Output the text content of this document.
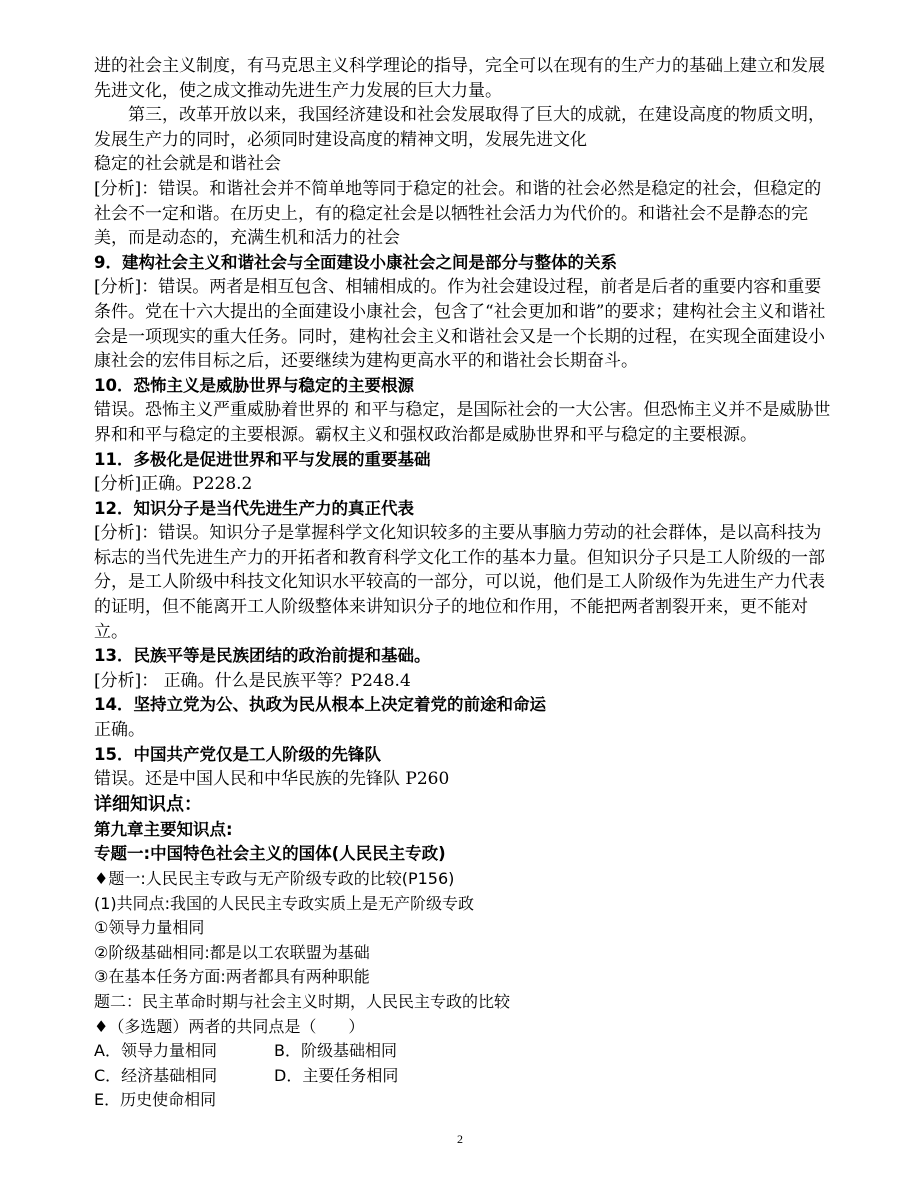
进的社会主义制度，有马克思主义科学理论的指导，完全可以在现有的生产力的基础上建立和发展先进文化，使之成文推动先进生产力发展的巨大力量。

第三，改革开放以来，我国经济建设和社会发展取得了巨大的成就，在建设高度的物质文明，发展生产力的同时，必须同时建设高度的精神文明，发展先进文化

稳定的社会就是和谐社会

[分析]：错误。和谐社会并不简单地等同于稳定的社会。和谐的社会必然是稳定的社会，但稳定的社会不一定和谐。在历史上，有的稳定社会是以牺牲社会活力为代价的。和谐社会不是静态的完美，而是动态的，充满生机和活力的社会

9．建构社会主义和谐社会与全面建设小康社会之间是部分与整体的关系

[分析]：错误。两者是相互包含、相辅相成的。作为社会建设过程，前者是后者的重要内容和重要条件。党在十六大提出的全面建设小康社会，包含了“社会更加和谐”的要求；建构社会主义和谐社会是一项现实的重大任务。同时，建构社会主义和谐社会又是一个长期的过程，在实现全面建设小康社会的宏伟目标之后，还要继续为建构更高水平的和谐社会长期奋斗。

10．恐怖主义是威胁世界与稳定的主要根源

错误。恐怖主义严重威胁着世界的 和平与稳定，是国际社会的一大公害。但恐怖主义并不是威胁世界和和平与稳定的主要根源。霸权主义和强权政治都是威胁世界和平与稳定的主要根源。

11．多极化是促进世界和平与发展的重要基础

[分析]正确。P228.2

12．知识分子是当代先进生产力的真正代表

[分析]：错误。知识分子是掌握科学文化知识较多的主要从事脑力劳动的社会群体，是以高科技为标志的当代先进生产力的开拓者和教育科学文化工作的基本力量。但知识分子只是工人阶级的一部分，是工人阶级中科技文化知识水平较高的一部分，可以说，他们是工人阶级作为先进生产力代表的证明，但不能离开工人阶级整体来讲知识分子的地位和作用，不能把两者割裂开来，更不能对立。

13．民族平等是民族团结的政治前提和基础。

[分析]： 正确。什么是民族平等？P248.4

14．坚持立党为公、执政为民从根本上决定着党的前途和命运

正确。

15．中国共产党仅是工人阶级的先锋队

错误。还是中国人民和中华民族的先锋队 P260

详细知识点：

第九章主要知识点:

专题一:中国特色社会主义的国体(人民民主专政)

♦题一:人民民主专政与无产阶级专政的比较(P156)

(1)共同点:我国的人民民主专政实质上是无产阶级专政

①领导力量相同

②阶级基础相同:都是以工农联盟为基础

③在基本任务方面:两者都具有两种职能

题二：民主革命时期与社会主义时期，人民民主专政的比较

♦（多选题）两者的共同点是（　　）

A．领导力量相同	B．阶级基础相同

C．经济基础相同	D．主要任务相同

E．历史使命相同

2
